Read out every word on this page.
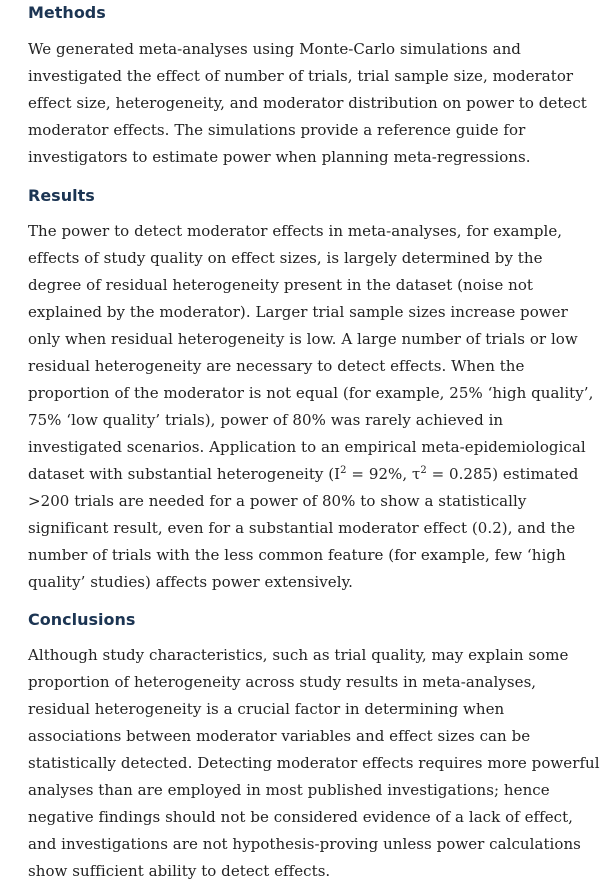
Methods

We generated meta-analyses using Monte-Carlo simulations and investigated the effect of number of trials, trial sample size, moderator effect size, heterogeneity, and moderator distribution on power to detect moderator effects. The simulations provide a reference guide for investigators to estimate power when planning meta-regressions.

Results

The power to detect moderator effects in meta-analyses, for example, effects of study quality on effect sizes, is largely determined by the degree of residual heterogeneity present in the dataset (noise not explained by the moderator). Larger trial sample sizes increase power only when residual heterogeneity is low. A large number of trials or low residual heterogeneity are necessary to detect effects. When the proportion of the moderator is not equal (for example, 25% ‘high quality’, 75% ‘low quality’ trials), power of 80% was rarely achieved in investigated scenarios. Application to an empirical meta-epidemiological dataset with substantial heterogeneity ($I^2 = 92\%$, $\tau^2 = 0.285$) estimated >200 trials are needed for a power of 80% to show a statistically significant result, even for a substantial moderator effect (0.2), and the number of trials with the less common feature (for example, few ‘high quality’ studies) affects power extensively.

Conclusions

Although study characteristics, such as trial quality, may explain some proportion of heterogeneity across study results in meta-analyses, residual heterogeneity is a crucial factor in determining when associations between moderator variables and effect sizes can be statistically detected. Detecting moderator effects requires more powerful analyses than are employed in most published investigations; hence negative findings should not be considered evidence of a lack of effect, and investigations are not hypothesis-proving unless power calculations show sufficient ability to detect effects.
